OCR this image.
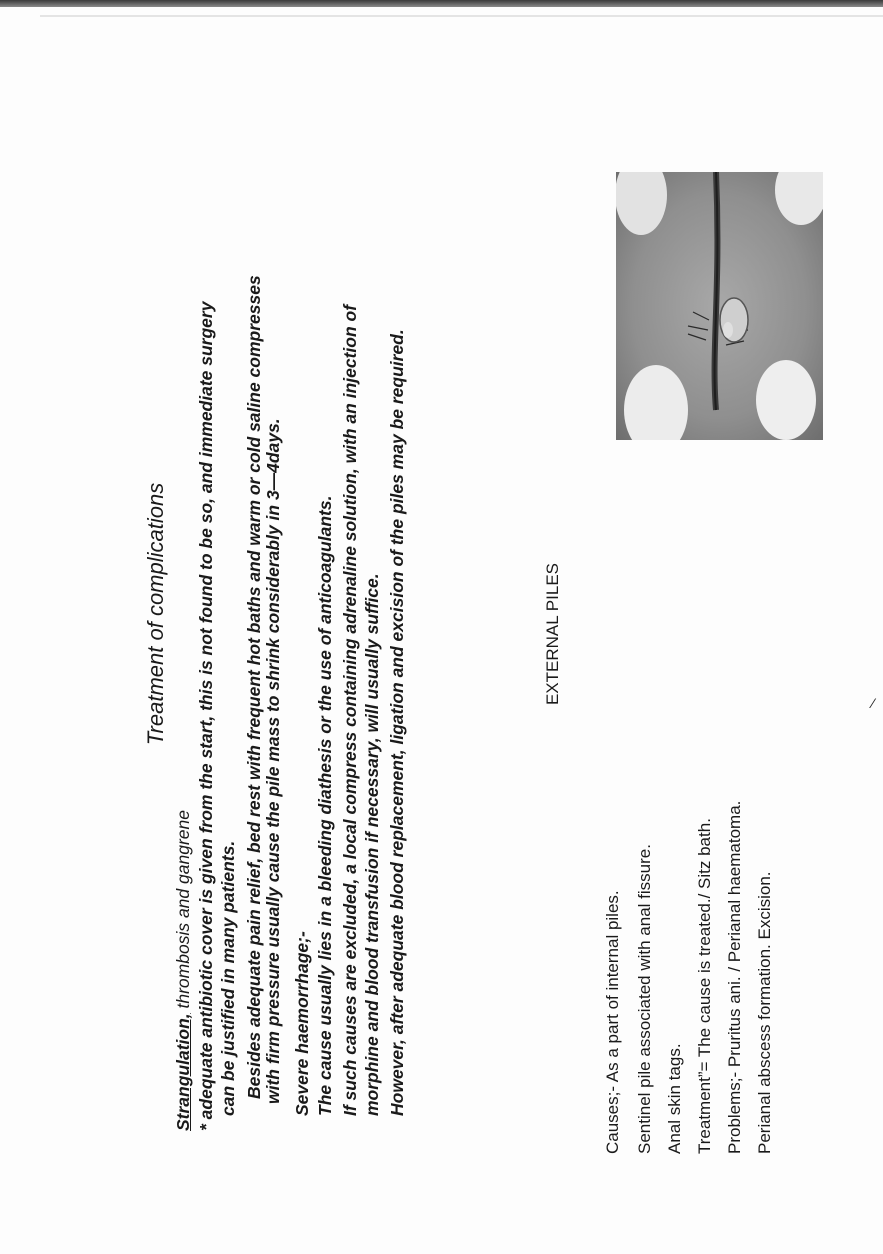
Treatment of complications
Strangulation, thrombosis and gangrene * adequate antibiotic cover is given from the start, this is not found to be so, and immediate surgery can be justified in many patients. Besides adequate pain relief, bed rest with frequent hot baths and warm or cold saline compresses with firm pressure usually cause the pile mass to shrink considerably in 3—4days. Severe haemorrhage;- The cause usually lies in a bleeding diathesis or the use of anticoagulants. If such causes are excluded, a local compress containing adrenaline solution, with an injection of morphine and blood transfusion if necessary, will usually suffice. However, after adequate blood replacement, ligation and excision of the piles may be required.	EXTERNAL PILES
Causes;- As a part of internal piles. Sentinel pile associated with anal fissure. Anal skin tags. Treatment”= The cause is treated./ Sitz bath. Problems;- Pruritus ani. / Perianal haematoma. Perianal abscess formation. Excision.
⁄
